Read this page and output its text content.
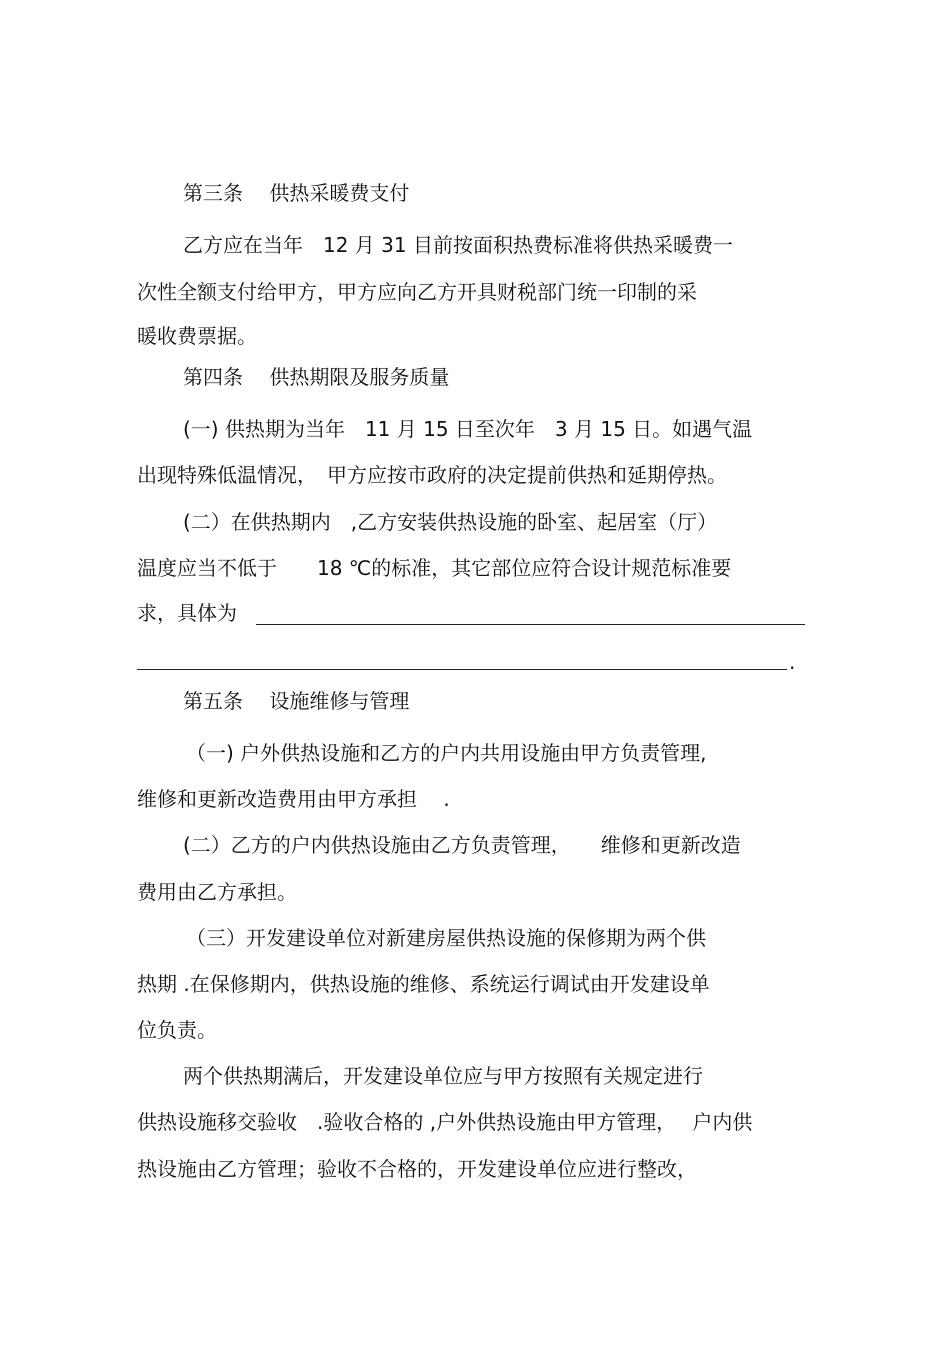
第三条　 供热采暖费支付

乙方应在当年　12 月 31 目前按面积热费标准将供热采暖费一

次性全额支付给甲方，甲方应向乙方开具财税部门统一印制的采

暖收费票据。

第四条　 供热期限及服务质量

(一) 供热期为当年　11 月 15 日至次年　3 月 15 日。如遇气温

出现特殊低温情况，　甲方应按市政府的决定提前供热和延期停热。

(二）在供热期内　,乙方安装供热设施的卧室、起居室（厅）

温度应当不低于　　18 ℃的标准，其它部位应符合设计规范标准要

求，具体为

.

第五条　 设施维修与管理

（一) 户外供热设施和乙方的户内共用设施由甲方负责管理,

维修和更新改造费用由甲方承担　 .

(二）乙方的户内供热设施由乙方负责管理，　　维修和更新改造

费用由乙方承担。

（三）开发建设单位对新建房屋供热设施的保修期为两个供

热期 .在保修期内，供热设施的维修、系统运行调试由开发建设单

位负责。

两个供热期满后，开发建设单位应与甲方按照有关规定进行

供热设施移交验收　.验收合格的 ,户外供热设施由甲方管理，　 户内供

热设施由乙方管理；验收不合格的，开发建设单位应进行整改，
